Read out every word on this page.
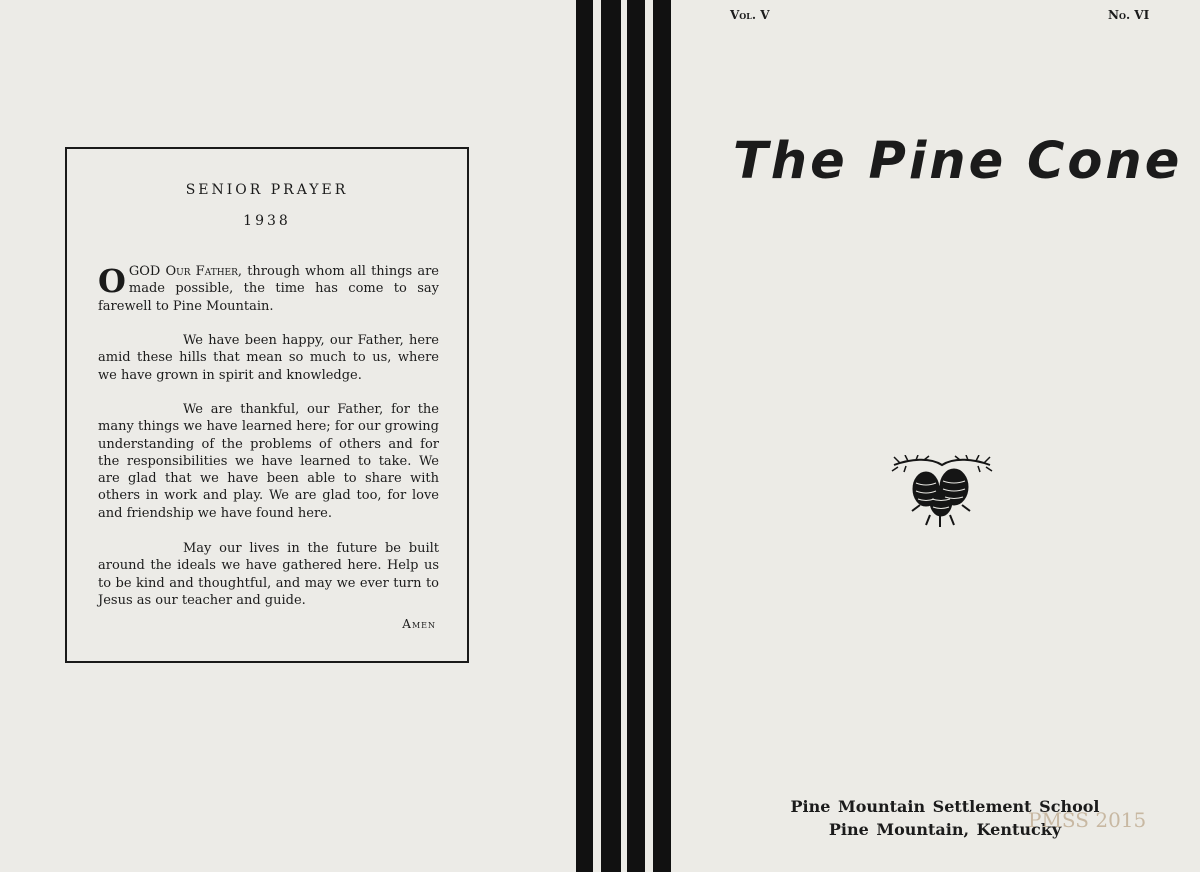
SENIOR PRAYER
1938
OGOD Our Father, through whom all things are made possible, the time has come to say farewell to Pine Mountain.
We have been happy, our Father, here amid these hills that mean so much to us, where we have grown in spirit and knowledge.
We are thankful, our Father, for the many things we have learned here; for our growing understanding of the problems of others and for the responsibilities we have learned to take. We are glad that we have been able to share with others in work and play. We are glad too, for love and friendship we have found here.
May our lives in the future be built around the ideals we have gathered here. Help us to be kind and thoughtful, and may we ever turn to Jesus as our teacher and guide.
Amen
Vol. V	No. VI
The Pine Cone
Pine Mountain Settlement School
Pine Mountain, Kentucky
PMSS 2015
